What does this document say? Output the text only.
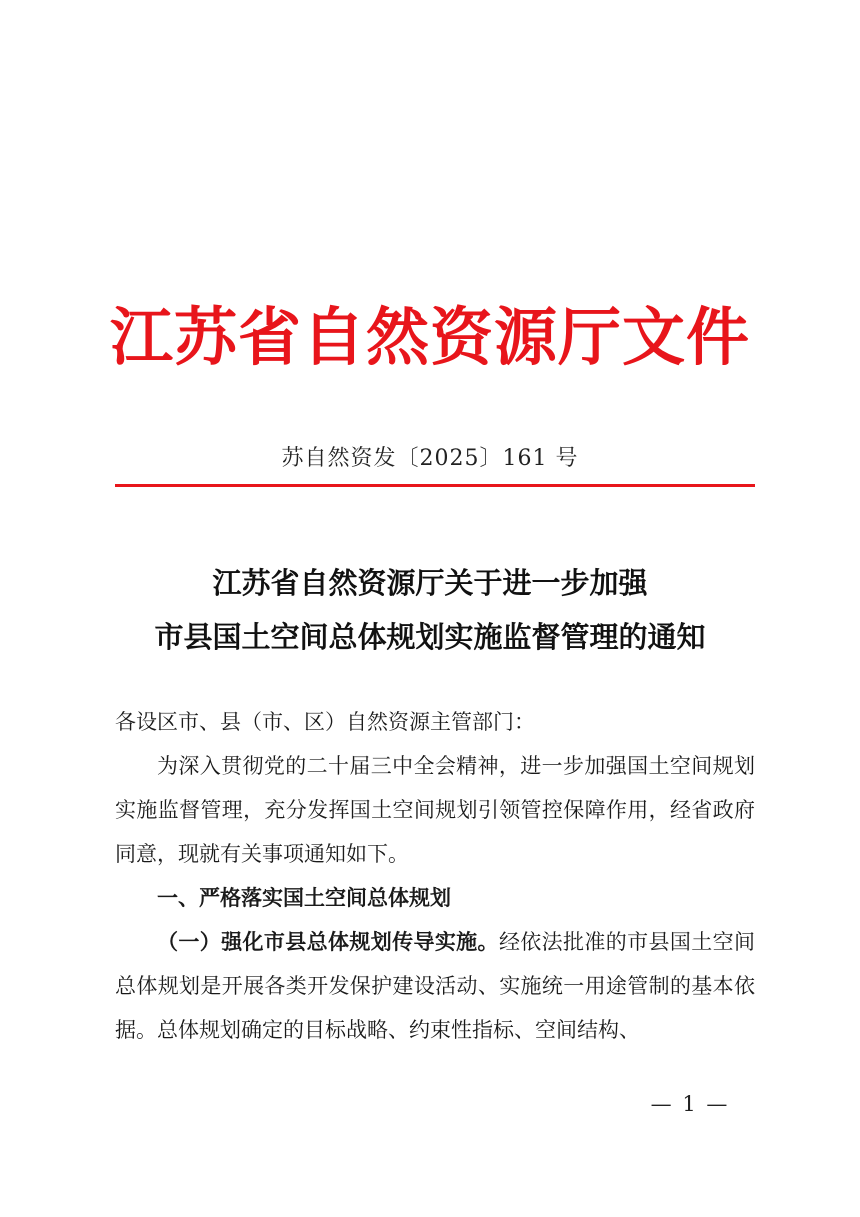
江苏省自然资源厅文件
苏自然资发〔2025〕161 号
江苏省自然资源厅关于进一步加强
市县国土空间总体规划实施监督管理的通知

各设区市、县（市、区）自然资源主管部门：

为深入贯彻党的二十届三中全会精神，进一步加强国土空间规划实施监督管理，充分发挥国土空间规划引领管控保障作用，经省政府同意，现就有关事项通知如下。

一、严格落实国土空间总体规划

（一）强化市县总体规划传导实施。经依法批准的市县国土空间总体规划是开展各类开发保护建设活动、实施统一用途管制的基本依据。总体规划确定的目标战略、约束性指标、空间结构、

— 1 —
